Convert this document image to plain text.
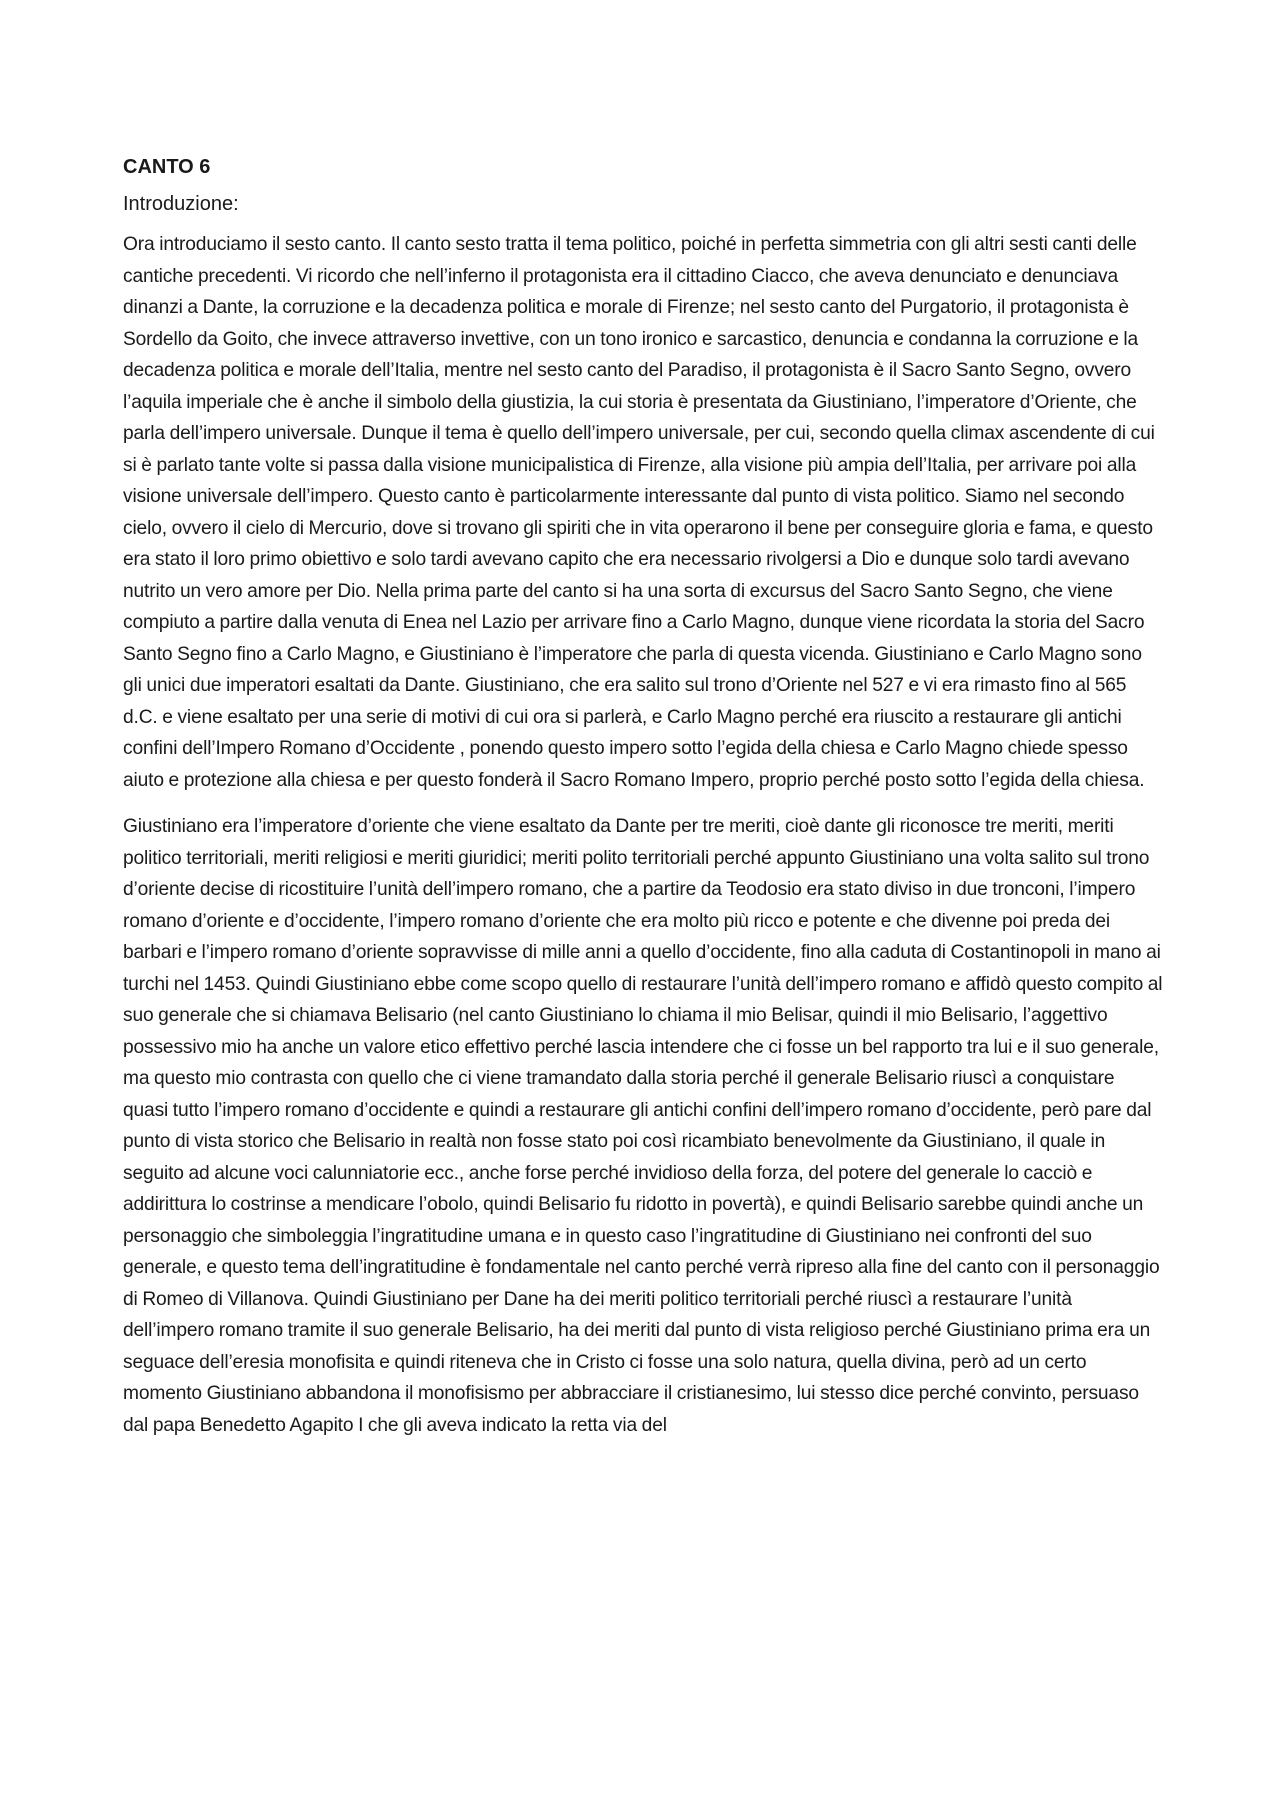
CANTO 6
Introduzione:

Ora introduciamo il sesto canto. Il canto sesto tratta il tema politico, poiché in perfetta simmetria con gli altri sesti canti delle cantiche precedenti. Vi ricordo che nell’inferno il protagonista era il cittadino Ciacco, che aveva denunciato e denunciava dinanzi a Dante, la corruzione e la decadenza politica e morale di Firenze; nel sesto canto del Purgatorio, il protagonista è Sordello da Goito, che invece attraverso invettive, con un tono ironico e sarcastico, denuncia e condanna la corruzione e la decadenza politica e morale dell’Italia, mentre nel sesto canto del Paradiso, il protagonista è il Sacro Santo Segno, ovvero l’aquila imperiale che è anche il simbolo della giustizia, la cui storia è presentata da Giustiniano, l’imperatore d’Oriente, che parla dell’impero universale. Dunque il tema è quello dell’impero universale, per cui, secondo quella climax ascendente di cui si è parlato tante volte si passa dalla visione municipalistica di Firenze, alla visione più ampia dell’Italia, per arrivare poi alla visione universale dell’impero. Questo canto è particolarmente interessante dal punto di vista politico. Siamo nel secondo cielo, ovvero il cielo di Mercurio, dove si trovano gli spiriti che in vita operarono il bene per conseguire gloria e fama, e questo era stato il loro primo obiettivo e solo tardi avevano capito che era necessario rivolgersi a Dio e dunque solo tardi avevano nutrito un vero amore per Dio. Nella prima parte del canto si ha una sorta di excursus del Sacro Santo Segno, che viene compiuto a partire dalla venuta di Enea nel Lazio per arrivare fino a Carlo Magno, dunque viene ricordata la storia del Sacro Santo Segno fino a Carlo Magno, e Giustiniano è l’imperatore che parla di questa vicenda. Giustiniano e Carlo Magno sono gli unici due imperatori esaltati da Dante. Giustiniano, che era salito sul trono d’Oriente nel 527 e vi era rimasto fino al 565 d.C. e viene esaltato per una serie di motivi di cui ora si parlerà, e Carlo Magno perché era riuscito a restaurare gli antichi confini dell’Impero Romano d’Occidente , ponendo questo impero sotto l’egida della chiesa e Carlo Magno chiede spesso aiuto e protezione alla chiesa e per questo fonderà il Sacro Romano Impero, proprio perché posto sotto l’egida della chiesa.

Giustiniano era l’imperatore d’oriente che viene esaltato da Dante per tre meriti, cioè dante gli riconosce tre meriti, meriti politico territoriali, meriti religiosi e meriti giuridici; meriti polito territoriali perché appunto Giustiniano una volta salito sul trono d’oriente decise di ricostituire l’unità dell’impero romano, che a partire da Teodosio era stato diviso in due tronconi, l’impero romano d’oriente e d’occidente, l’impero romano d’oriente che era molto più ricco e potente e che divenne poi preda dei barbari e l’impero romano d’oriente sopravvisse di mille anni a quello d’occidente, fino alla caduta di Costantinopoli in mano ai turchi nel 1453. Quindi Giustiniano ebbe come scopo quello di restaurare l’unità dell’impero romano e affidò questo compito al suo generale che si chiamava Belisario (nel canto Giustiniano lo chiama il mio Belisar, quindi il mio Belisario, l’aggettivo possessivo mio ha anche un valore etico effettivo perché lascia intendere che ci fosse un bel rapporto tra lui e il suo generale, ma questo mio contrasta con quello che ci viene tramandato dalla storia perché il generale Belisario riuscì a conquistare quasi tutto l’impero romano d’occidente e quindi a restaurare gli antichi confini dell’impero romano d’occidente, però pare dal punto di vista storico che Belisario in realtà non fosse stato poi così ricambiato benevolmente da Giustiniano, il quale in seguito ad alcune voci calunniatorie ecc., anche forse perché invidioso della forza, del potere del generale lo cacciò e addirittura lo costrinse a mendicare l’obolo, quindi Belisario fu ridotto in povertà), e quindi Belisario sarebbe quindi anche un personaggio che simboleggia l’ingratitudine umana e in questo caso l’ingratitudine di Giustiniano nei confronti del suo generale, e questo tema dell’ingratitudine è fondamentale nel canto perché verrà ripreso alla fine del canto con il personaggio di Romeo di Villanova. Quindi Giustiniano per Dane ha dei meriti politico territoriali perché riuscì a restaurare l’unità dell’impero romano tramite il suo generale Belisario, ha dei meriti dal punto di vista religioso perché Giustiniano prima era un seguace dell’eresia monofisita e quindi riteneva che in Cristo ci fosse una solo natura, quella divina, però ad un certo momento Giustiniano abbandona il monofisismo per abbracciare il cristianesimo, lui stesso dice perché convinto, persuaso dal papa Benedetto Agapito I che gli aveva indicato la retta via del
